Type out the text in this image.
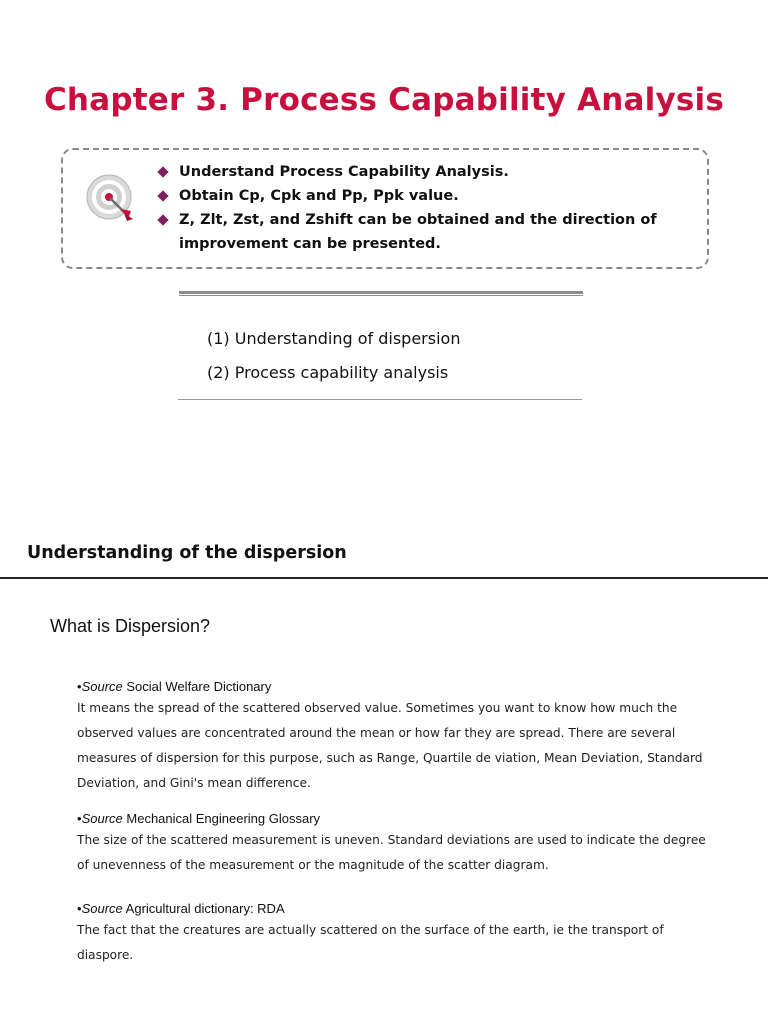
Chapter 3. Process Capability Analysis
Understand Process Capability Analysis.
Obtain Cp, Cpk and Pp, Ppk value.
Z, Zlt, Zst, and Zshift can be obtained and the direction of improvement can be presented.
(1) Understanding of dispersion
(2) Process capability analysis
Understanding of the dispersion
What is Dispersion?
•Source Social Welfare Dictionary
It means the spread of the scattered observed value. Sometimes you want to know how much the observed values are concentrated around the mean or how far they are spread. There are several measures of dispersion for this purpose, such as Range, Quartile de viation, Mean Deviation, Standard Deviation, and Gini's mean difference.
•Source Mechanical Engineering Glossary
The size of the scattered measurement is uneven. Standard deviations are used to indicate the degree of unevenness of the measurement or the magnitude of the scatter diagram.
•Source Agricultural dictionary: RDA
The fact that the creatures are actually scattered on the surface of the earth, ie the transport of diaspore.
